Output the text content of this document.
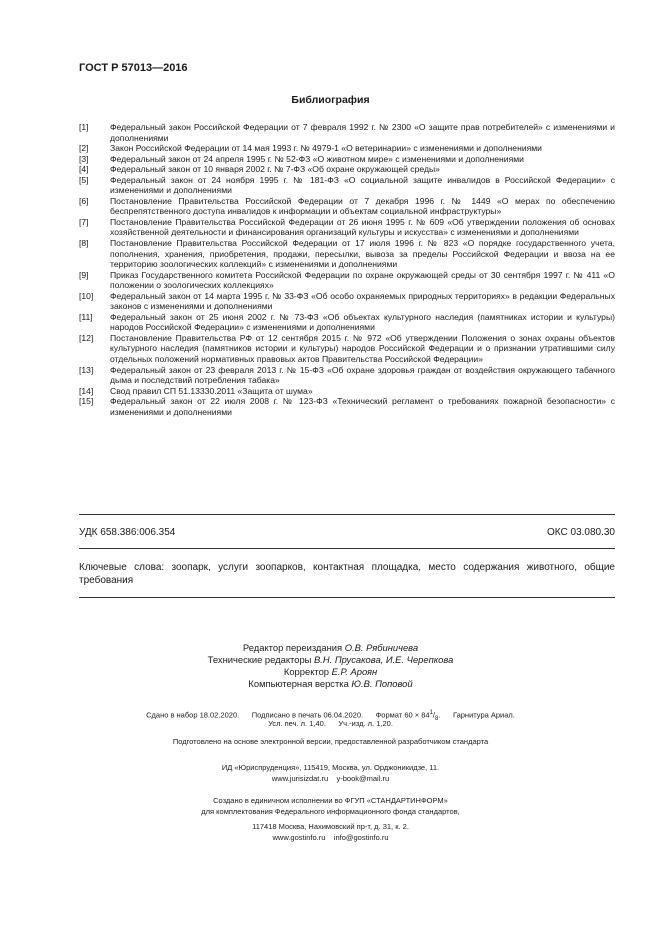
ГОСТ Р 57013—2016
Библиография
[1]	Федеральный закон Российской Федерации от 7 февраля 1992 г. № 2300 «О защите прав потребителей» с изменениями и дополнениями
[2]	Закон Российской Федерации от 14 мая 1993 г. № 4979-1 «О ветеринарии» с изменениями и дополнениями
[3]	Федеральный закон от 24 апреля 1995 г. № 52-ФЗ «О животном мире» с изменениями и дополнениями
[4]	Федеральный закон от 10 января 2002 г. № 7-ФЗ «Об охране окружающей среды»
[5]	Федеральный закон от 24 ноября 1995 г. № 181-ФЗ «О социальной защите инвалидов в Российской Федерации» с изменениями и дополнениями
[6]	Постановление Правительства Российской Федерации от 7 декабря 1996 г. № 1449 «О мерах по обеспечению беспрепятственного доступа инвалидов к информации и объектам социальной инфраструктуры»
[7]	Постановление Правительства Российской Федерации от 26 июня 1995 г. № 609 «Об утверждении положения об основах хозяйственной деятельности и финансирования организаций культуры и искусства» с изменениями и дополнениями
[8]	Постановление Правительства Российской Федерации от 17 июля 1996 г. № 823 «О порядке государственного учета, пополнения, хранения, приобретения, продажи, пересылки, вывоза за пределы Российской Федерации и ввоза на ее территорию зоологических коллекций» с изменениями и дополнениями
[9]	Приказ Государственного комитета Российской Федерации по охране окружающей среды от 30 сентября 1997 г. № 411 «О положении о зоологических коллекциях»
[10]	Федеральный закон от 14 марта 1995 г. № 33-ФЗ «Об особо охраняемых природных территориях» в редакции Федеральных законов с изменениями и дополнениями
[11]	Федеральный закон от 25 июня 2002 г. № 73-ФЗ «Об объектах культурного наследия (памятниках истории и культуры) народов Российской Федерации» с изменениями и дополнениями
[12]	Постановление Правительства РФ от 12 сентября 2015 г. № 972 «Об утверждении Положения о зонах охраны объектов культурного наследия (памятников истории и культуры) народов Российской Федерации и о признании утратившими силу отдельных положений нормативных правовых актов Правительства Российской Федерации»
[13]	Федеральный закон от 23 февраля 2013 г. № 15-ФЗ «Об охране здоровья граждан от воздействия окружающего табачного дыма и последствий потребления табака»
[14]	Свод правил СП 51.13330.2011 «Защита от шума»
[15]	Федеральный закон от 22 июля 2008 г. № 123-ФЗ «Технический регламент о требованиях пожарной безопасности» с изменениями и дополнениями
УДК 658.386:006.354	ОКС 03.080.30
Ключевые слова: зоопарк, услуги зоопарков, контактная площадка, место содержания животного, общие требования
Редактор переиздания О.В. Рябиничева
Технические редакторы В.Н. Прусакова, И.Е. Черепкова
Корректор Е.Р. Ароян
Компьютерная верстка Ю.В. Поповой
Сдано в набор 18.02.2020. Подписано в печать 06.04.2020. Формат $60 \times 84^1/_8$. Гарнитура Ариал.
Усл. печ. л. 1,40. Уч.-изд. л. 1,20.
Подготовлено на основе электронной версии, предоставленной разработчиком стандарта
ИД «Юриспруденция», 115419, Москва, ул. Орджоникидзе, 11.
www.jurisizdat.ru y-book@mail.ru
Создано в единичном исполнении во ФГУП «СТАНДАРТИНФОРМ»
для комплектования Федерального информационного фонда стандартов,
117418 Москва, Нахимовский пр-т, д. 31, к. 2.
www.gostinfo.ru info@gostinfo.ru
